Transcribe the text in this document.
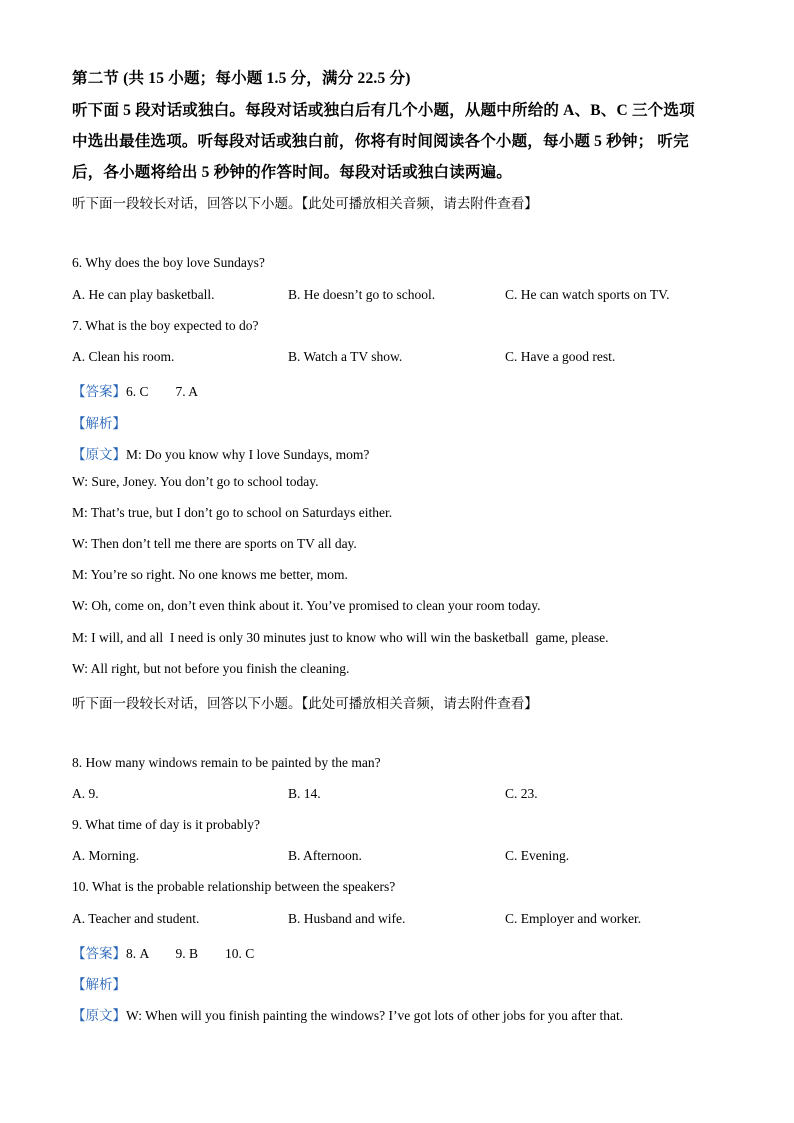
第二节 (共 15 小题；每小题 1.5 分，满分 22.5 分)
听下面 5 段对话或独白。每段对话或独白后有几个小题，从题中所给的 A、B、C 三个选项
中选出最佳选项。听每段对话或独白前，你将有时间阅读各个小题，每小题 5 秒钟； 听完
后，各小题将给出 5 秒钟的作答时间。每段对话或独白读两遍。
听下面一段较长对话，回答以下小题。【此处可播放相关音频，请去附件查看】
6. Why does the boy love Sundays?
A. He can play basketball.	B. He doesn’t go to school.	C. He can watch sports on TV.
7. What is the boy expected to do?
A. Clean his room.	B. Watch a TV show.	C. Have a good rest.
【答案】6. C        7. A
【解析】
【原文】M: Do you know why I love Sundays, mom?
W: Sure, Joney. You don’t go to school today.
M: That’s true, but I don’t go to school on Saturdays either.
W: Then don’t tell me there are sports on TV all day.
M: You’re so right. No one knows me better, mom.
W: Oh, come on, don’t even think about it. You’ve promised to clean your room today.
M: I will, and all  I need is only 30 minutes just to know who will win the basketball  game, please.
W: All right, but not before you finish the cleaning.
听下面一段较长对话，回答以下小题。【此处可播放相关音频，请去附件查看】
8. How many windows remain to be painted by the man?
A. 9.	B. 14.	C. 23.
9. What time of day is it probably?
A. Morning.	B. Afternoon.	C. Evening.
10. What is the probable relationship between the speakers?
A. Teacher and student.	B. Husband and wife.	C. Employer and worker.
【答案】8. A        9. B        10. C
【解析】
【原文】W: When will you finish painting the windows? I’ve got lots of other jobs for you after that.
